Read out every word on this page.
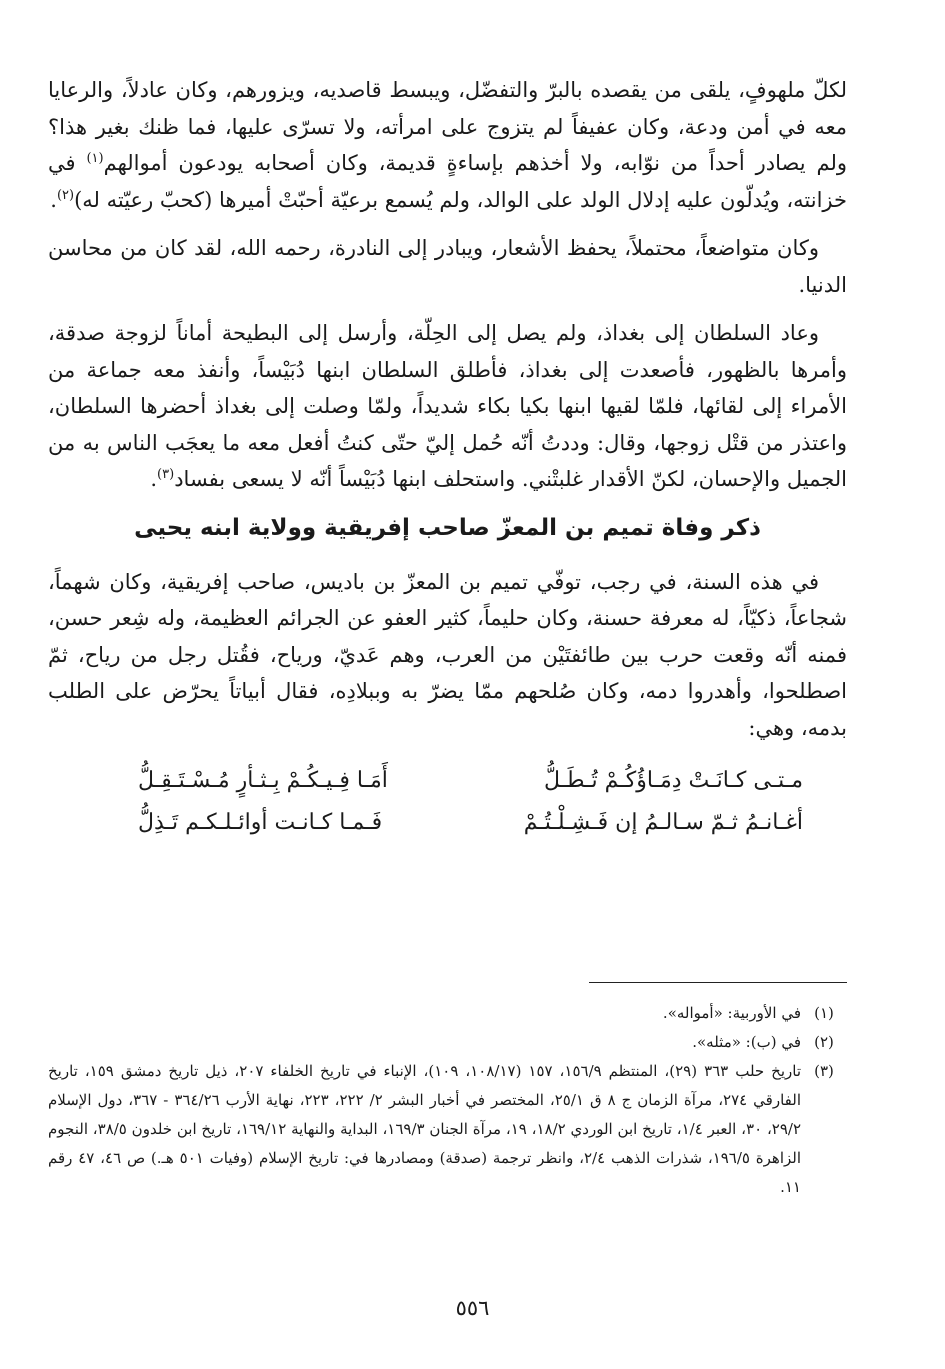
لكلّ ملهوفٍ، يلقى من يقصده بالبرّ والتفضّل، ويبسط قاصديه، ويزورهم، وكان عادلاً، والرعايا معه في أمن ودعة، وكان عفيفاً لم يتزوج على امرأته، ولا تسرّى عليها، فما ظنك بغير هذا؟ ولم يصادر أحداً من نوّابه، ولا أخذهم بإساءةٍ قديمة، وكان أصحابه يودعون أموالهم$^{(١)}$ في خزانته، ويُدلّون عليه إدلال الولد على الوالد، ولم يُسمع برعيّة أحبّتْ أميرها (كحبّ رعيّته له)$^{(٢)}$.

وكان متواضعاً، محتملاً، يحفظ الأشعار، ويبادر إلى النادرة، رحمه الله، لقد كان من محاسن الدنيا.

وعاد السلطان إلى بغداذ، ولم يصل إلى الحِلّة، وأرسل إلى البطيحة أماناً لزوجة صدقة، وأمرها بالظهور، فأصعدت إلى بغداذ، فأطلق السلطان ابنها دُبَيْساً، وأنفذ معه جماعة من الأمراء إلى لقائها، فلمّا لقيها ابنها بكيا بكاء شديداً، ولمّا وصلت إلى بغداذ أحضرها السلطان، واعتذر من قتْل زوجها، وقال: وددتُ أنّه حُمل إليّ حتّى كنتُ أفعل معه ما يعجَب الناس به من الجميل والإحسان، لكنّ الأقدار غلبتْني. واستحلف ابنها دُبَيْساً أنّه لا يسعى بفساد$^{(٣)}$.

ذكر وفاة تميم بن المعزّ صاحب إفريقية وولاية ابنه يحيى

في هذه السنة، في رجب، توفّي تميم بن المعزّ بن باديس، صاحب إفريقية، وكان شهماً، شجاعاً، ذكيّاً، له معرفة حسنة، وكان حليماً، كثير العفو عن الجرائم العظيمة، وله شِعر حسن، فمنه أنّه وقعت حرب بين طائفتَيْن من العرب، وهم عَديّ، ورياح، فقُتل رجل من رياح، ثمّ اصطلحوا، وأهدروا دمه، وكان صُلحهم ممّا يضرّ به وببلادِه، فقال أبياتاً يحرّض على الطلب بدمه، وهي:

مـتـى كـانَـتْ دِمَـاؤُكُـمْ تُـطَـلُّ
أَمَـا فِـيـكُـمْ بِـثـأرٍ مُـسْـتَـقِـلُّ
أغـانـمُ ثـمّ سـالـمُ إن فَـشِـلْـتُـمْ
فَـمـا كـانـت أوائـلـكـم تَـذِلُّ
(١)
في الأوربية: «أمواله».
(٢)
في (ب): «مثله».
(٣)
تاريخ حلب ٣٦٣ (٢٩)، المنتظم ١٥٦/٩، ١٥٧ (١٠٨/١٧، ١٠٩)، الإنباء في تاريخ الخلفاء ٢٠٧، ذيل تاريخ دمشق ١٥٩، تاريخ الفارقي ٢٧٤، مرآة الزمان ج ٨ ق ٢٥/١، المختصر في أخبار البشر ٢/ ٢٢٢، ٢٢٣، نهاية الأرب ٣٦٤/٢٦ - ٣٦٧، دول الإسلام ٢٩/٢، ٣٠، العبر ١/٤، تاريخ ابن الوردي ١٨/٢، ١٩، مرآة الجنان ١٦٩/٣، البداية والنهاية ١٦٩/١٢، تاريخ ابن خلدون ٣٨/٥، النجوم الزاهرة ١٩٦/٥، شذرات الذهب ٢/٤، وانظر ترجمة (صدقة) ومصادرها في: تاريخ الإسلام (وفيات ٥٠١ هـ.) ص ٤٦، ٤٧ رقم ١١.
٥٥٦
